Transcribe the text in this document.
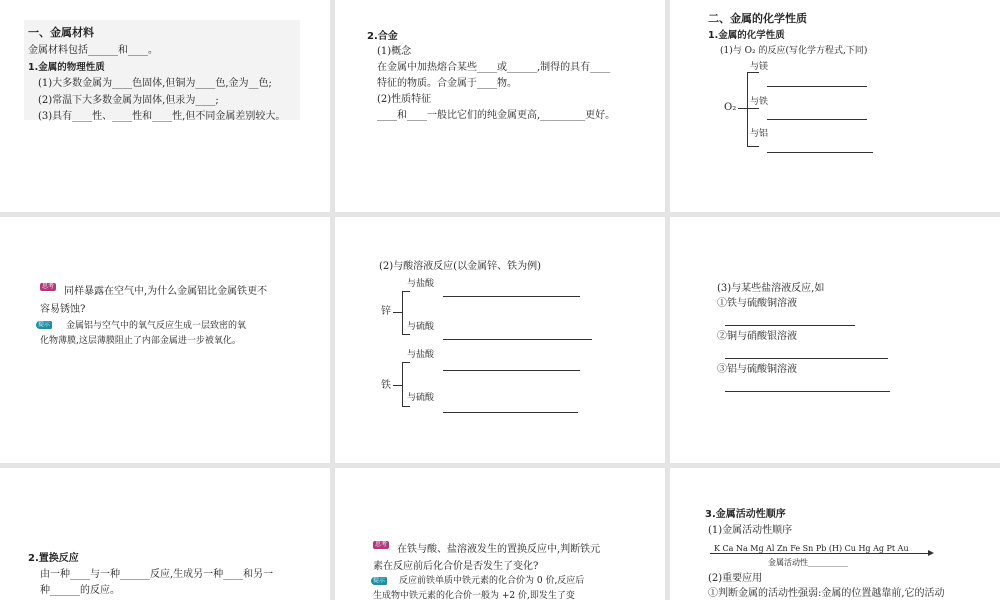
一、金属材料
金属材料包括______和____。
1.金属的物理性质
(1)大多数金属为____色固体,但铜为____色,金为__色;
(2)常温下大多数金属为固体,但汞为____;
(3)具有____性、____性和____性,但不同金属差别较大。
2.合金
(1)概念
在金属中加热熔合某些____或______,制得的具有____
特征的物质。合金属于____物。
(2)性质特征
____和____一般比它们的纯金属更高,_________更好。
二、金属的化学性质
1.金属的化学性质
(1)与 O₂ 的反应(写化学方程式,下同)
O₂
与镁
与铁
与铝
思考 同样暴露在空气中,为什么金属铝比金属铁更不
容易锈蚀?
提示 金属铝与空气中的氧气反应生成一层致密的氧
化物薄膜,这层薄膜阻止了内部金属进一步被氧化。
(2)与酸溶液反应(以金属锌、铁为例)
锌
与盐酸
与硫酸
铁
与盐酸
与硫酸
(3)与某些盐溶液反应,如
①铁与硫酸铜溶液
②铜与硝酸银溶液
③铝与硫酸铜溶液
2.置换反应
由一种____与一种______反应,生成另一种____和另一
种______的反应。
思考 在铁与酸、盐溶液发生的置换反应中,判断铁元
素在反应前后化合价是否发生了变化?
提示 反应前铁单质中铁元素的化合价为 0 价,反应后
生成物中铁元素的化合价一般为 +2 价,即发生了变
3.金属活动性顺序
(1)金属活动性顺序
K Ca Na Mg Al Zn Fe Sn Pb (H) Cu Hg Ag Pt Au
金属活动性__________
(2)重要应用
①判断金属的活动性强弱:金属的位置越靠前,它的活动
